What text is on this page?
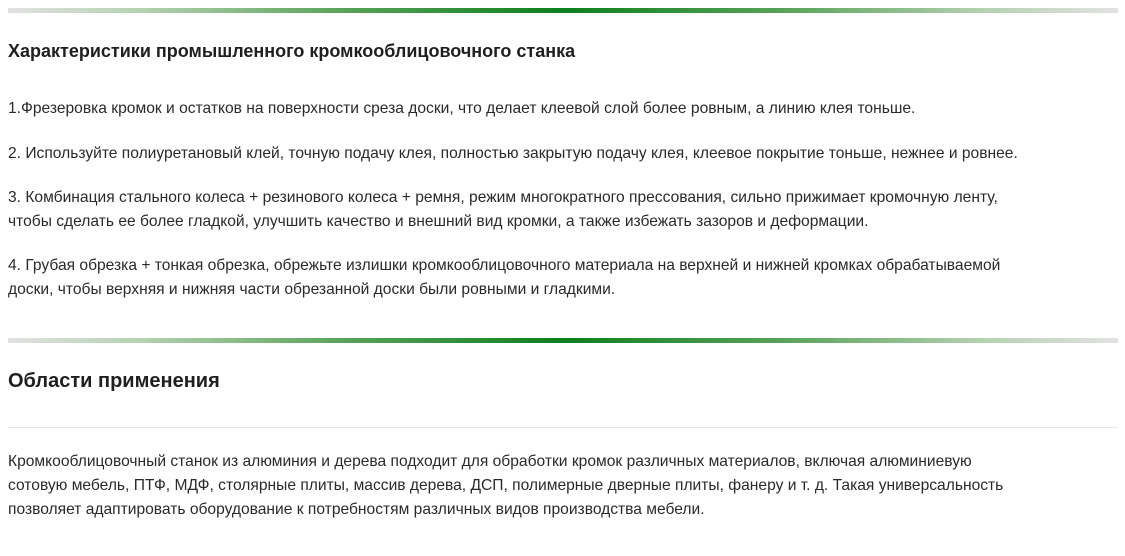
Характеристики промышленного кромкооблицовочного станка

1.Фрезеровка кромок и остатков на поверхности среза доски, что делает клеевой слой более ровным, а линию клея тоньше.

2. Используйте полиуретановый клей, точную подачу клея, полностью закрытую подачу клея, клеевое покрытие тоньше, нежнее и ровнее.

3. Комбинация стального колеса + резинового колеса + ремня, режим многократного прессования, сильно прижимает кромочную ленту,
чтобы сделать ее более гладкой, улучшить качество и внешний вид кромки, а также избежать зазоров и деформации.

4. Грубая обрезка + тонкая обрезка, обрежьте излишки кромкооблицовочного материала на верхней и нижней кромках обрабатываемой
доски, чтобы верхняя и нижняя части обрезанной доски были ровными и гладкими.

Области применения

Кромкооблицовочный станок из алюминия и дерева подходит для обработки кромок различных материалов, включая алюминиевую
сотовую мебель, ПТФ, МДФ, столярные плиты, массив дерева, ДСП, полимерные дверные плиты, фанеру и т. д. Такая универсальность
позволяет адаптировать оборудование к потребностям различных видов производства мебели.
